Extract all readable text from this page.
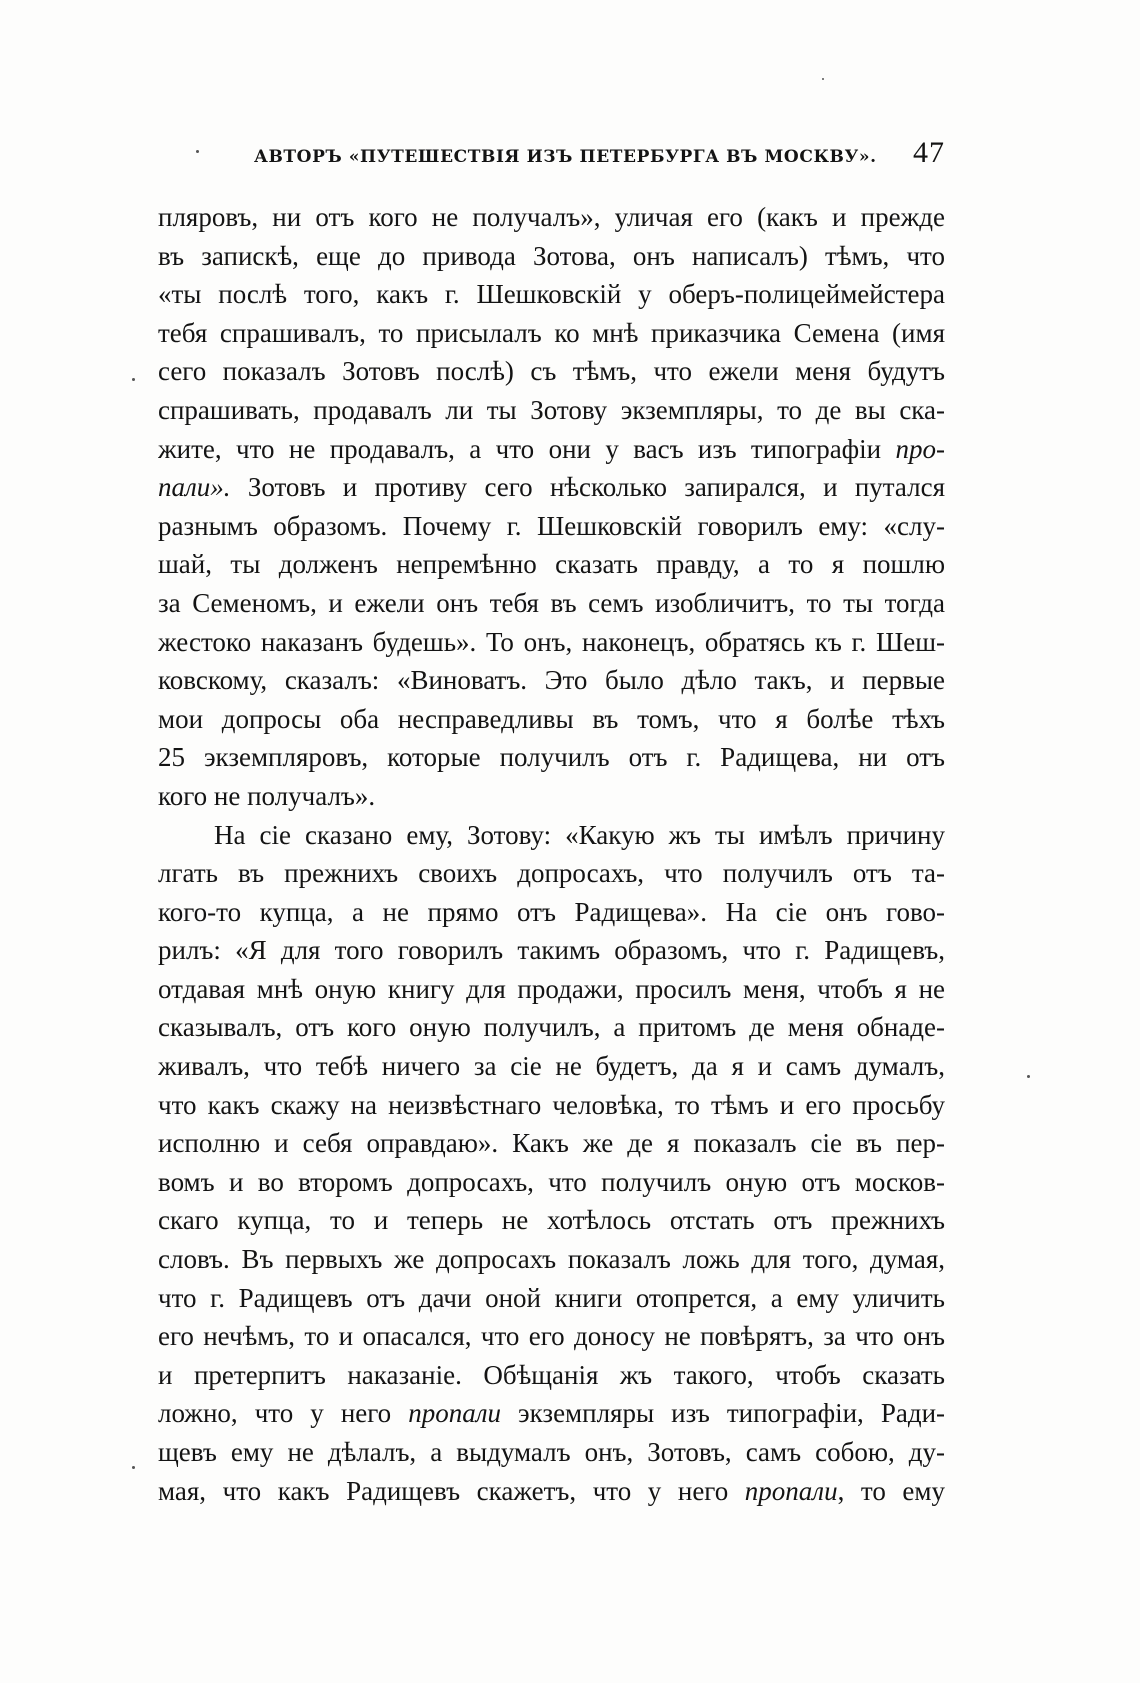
АВТОРЪ «ПУТЕШЕСТВІЯ ИЗЪ ПЕТЕРБУРГА ВЪ МОСКВУ». 47
пляровъ, ни отъ кого не получалъ», уличая его (какъ и прежде
въ запискѣ, еще до привода Зотова, онъ написалъ) тѣмъ, что
«ты послѣ того, какъ г. Шешковскій у оберъ-полицеймейстера
тебя спрашивалъ, то присылалъ ко мнѣ приказчика Семена (имя
сего показалъ Зотовъ послѣ) съ тѣмъ, что ежели меня будутъ
спрашивать, продавалъ ли ты Зотову экземпляры, то де вы ска-
жите, что не продавалъ, а что они у васъ изъ типографіи про-
пали». Зотовъ и противу сего нѣсколько запирался, и путался
разнымъ образомъ. Почему г. Шешковскій говорилъ ему: «слу-
шай, ты долженъ непремѣнно сказать правду, а то я пошлю
за Семеномъ, и ежели онъ тебя въ семъ изобличитъ, то ты тогда
жестоко наказанъ будешь». То онъ, наконецъ, обратясь къ г. Шеш-
ковскому, сказалъ: «Виноватъ. Это было дѣло такъ, и первые
мои допросы оба несправедливы въ томъ, что я болѣе тѣхъ
25 экземпляровъ, которые получилъ отъ г. Радищева, ни отъ
кого не получалъ».
На сіе сказано ему, Зотову: «Какую жъ ты имѣлъ причину
лгать въ прежнихъ своихъ допросахъ, что получилъ отъ та-
кого-то купца, а не прямо отъ Радищева». На сіе онъ гово-
рилъ: «Я для того говорилъ такимъ образомъ, что г. Радищевъ,
отдавая мнѣ оную книгу для продажи, просилъ меня, чтобъ я не
сказывалъ, отъ кого оную получилъ, а притомъ де меня обнаде-
живалъ, что тебѣ ничего за сіе не будетъ, да я и самъ думалъ,
что какъ скажу на неизвѣстнаго человѣка, то тѣмъ и его просьбу
исполню и себя оправдаю». Какъ же де я показалъ сіе въ пер-
вомъ и во второмъ допросахъ, что получилъ оную отъ москов-
скаго купца, то и теперь не хотѣлось отстать отъ прежнихъ
словъ. Въ первыхъ же допросахъ показалъ ложь для того, думая,
что г. Радищевъ отъ дачи оной книги отопрется, а ему уличить
его нечѣмъ, то и опасался, что его доносу не повѣрятъ, за что онъ
и претерпитъ наказаніе. Обѣщанія жъ такого, чтобъ сказать
ложно, что у него пропали экземпляры изъ типографіи, Ради-
щевъ ему не дѣлалъ, а выдумалъ онъ, Зотовъ, самъ собою, ду-
мая, что какъ Радищевъ скажетъ, что у него пропали, то ему
